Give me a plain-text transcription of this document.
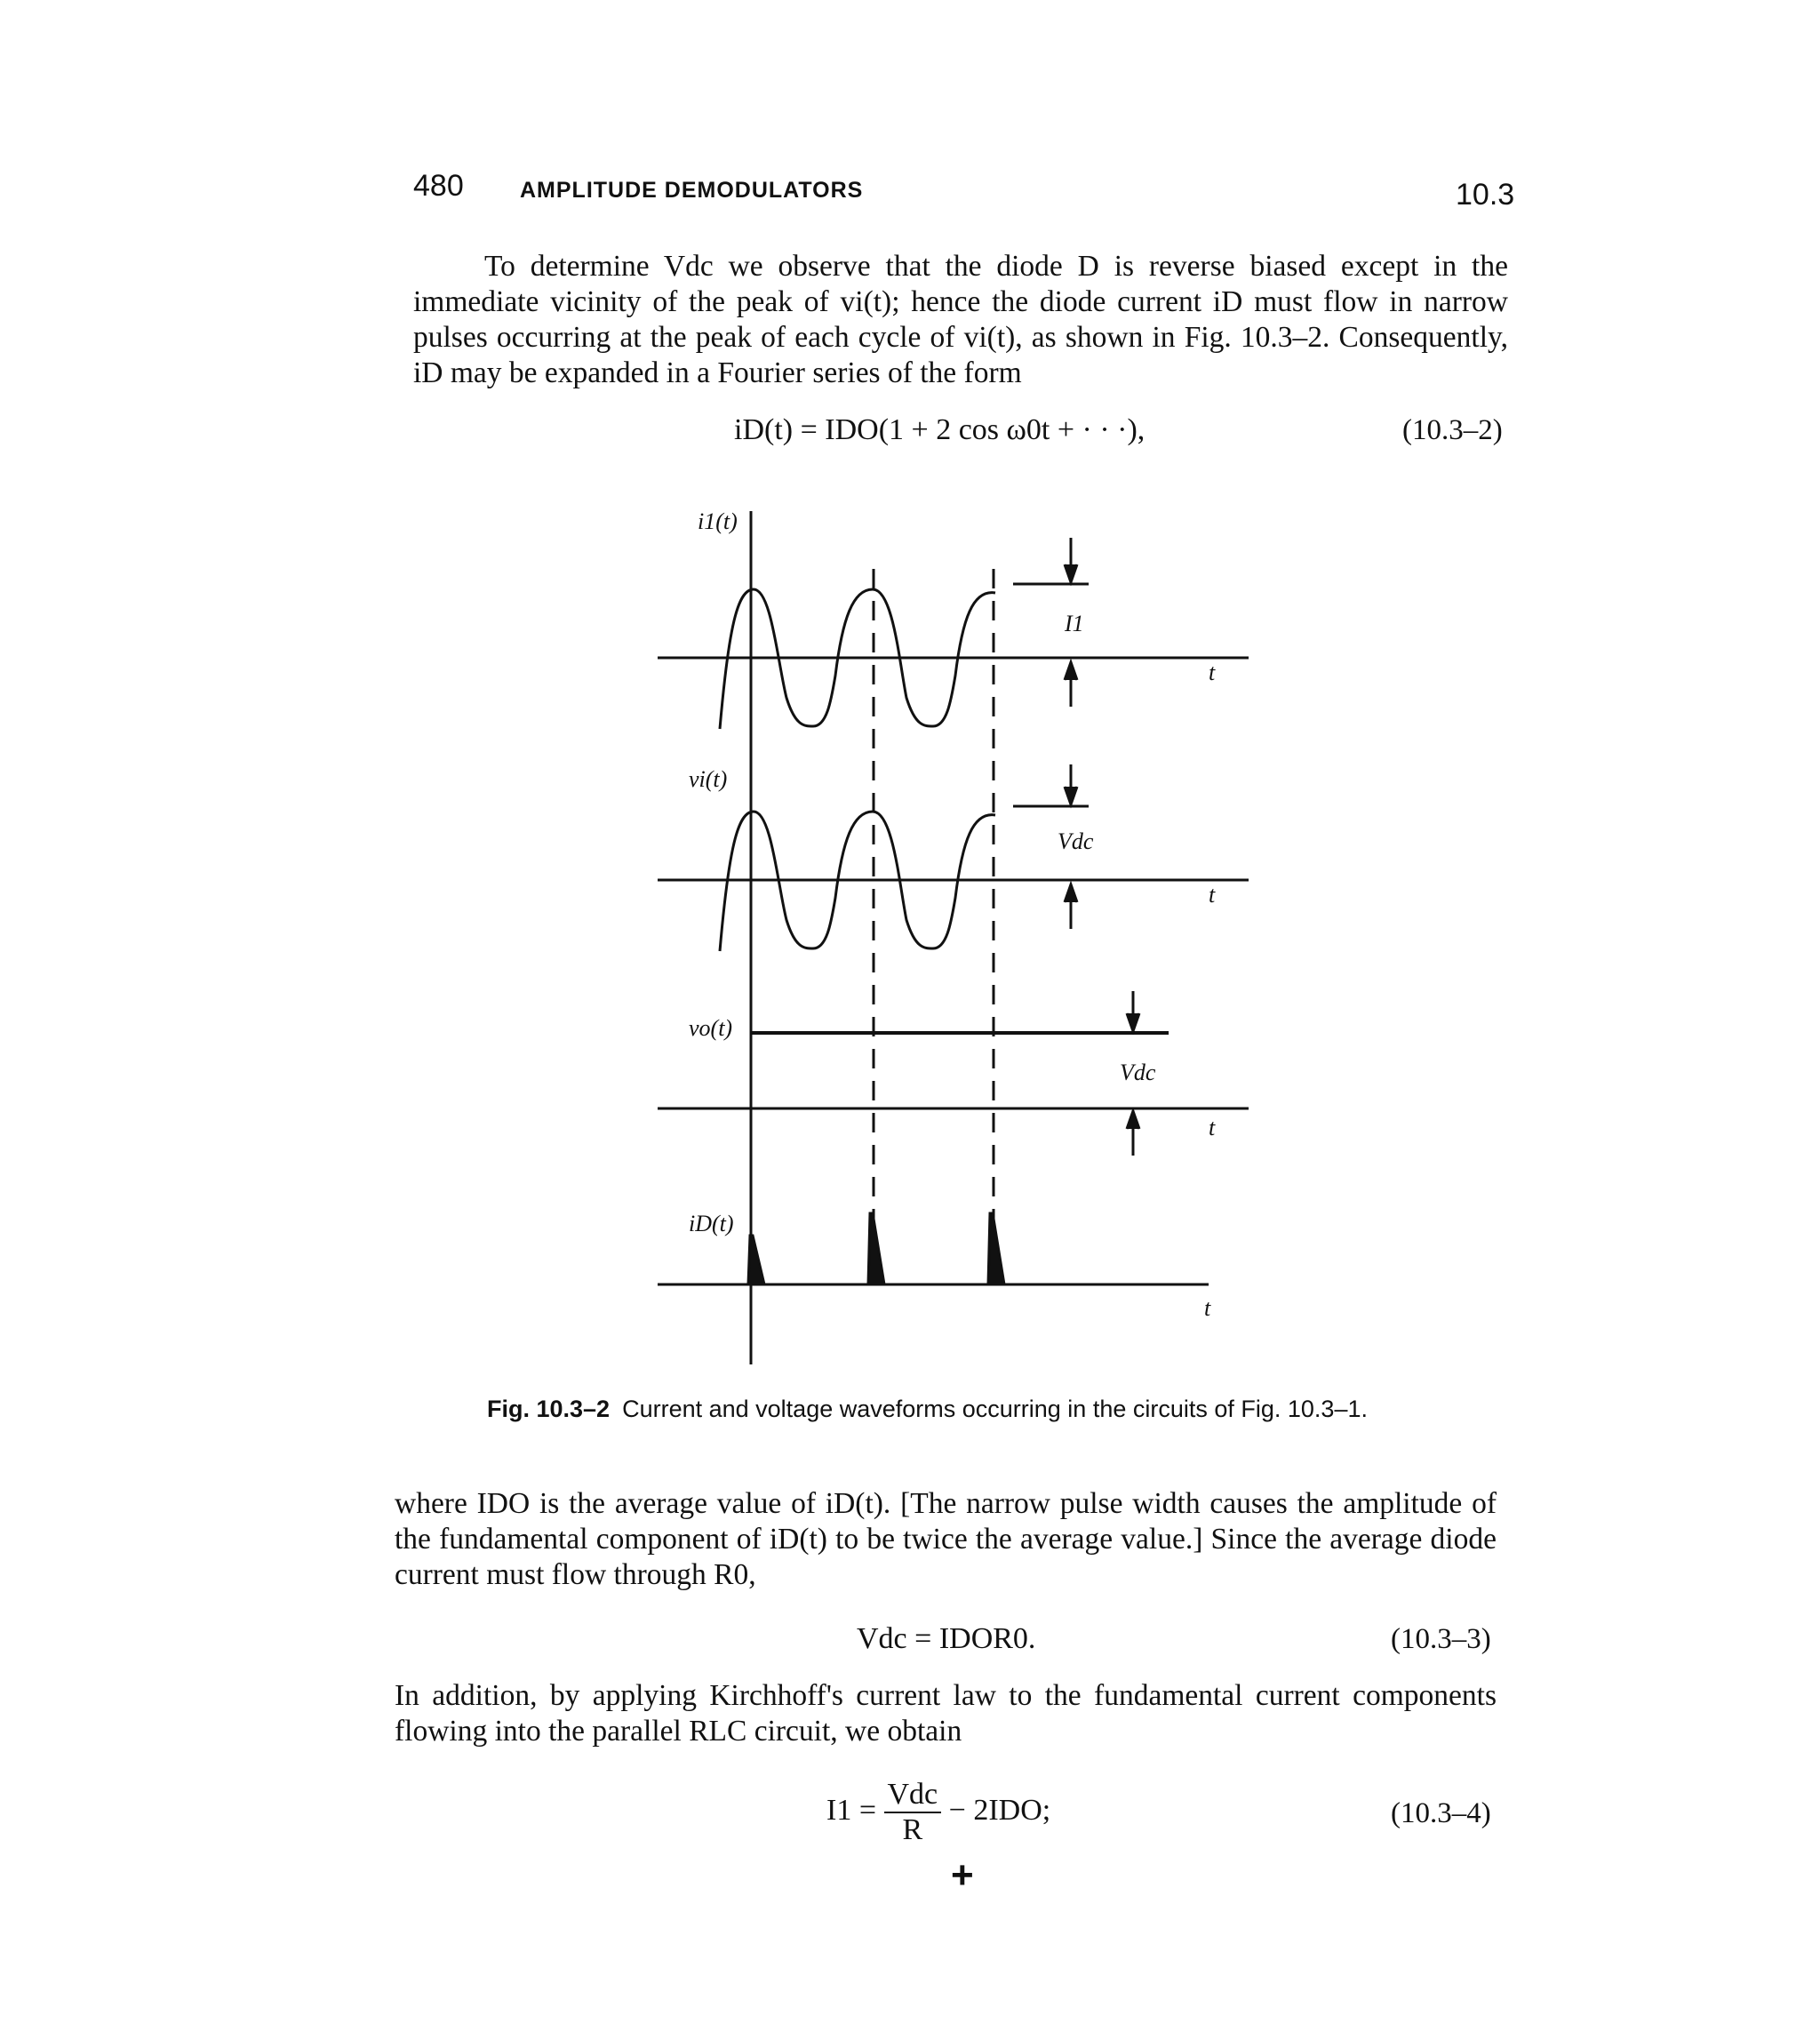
480	AMPLITUDE DEMODULATORS	10.3
To determine Vdc we observe that the diode D is reverse biased except in the immediate vicinity of the peak of vi(t); hence the diode current iD must flow in narrow pulses occurring at the peak of each cycle of vi(t), as shown in Fig. 10.3–2. Consequently, iD may be expanded in a Fourier series of the form
iD(t) = IDO(1 + 2 cos ω0t + · · ·),	(10.3–2)
i1(t)
t
I1
vi(t)
t
Vdc
vo(t)
t
Vdc
iD(t)
t
Fig. 10.3–2 Current and voltage waveforms occurring in the circuits of Fig. 10.3–1.
where IDO is the average value of iD(t). [The narrow pulse width causes the amplitude of the fundamental component of iD(t) to be twice the average value.] Since the average diode current must flow through R0,
Vdc = IDOR0.	(10.3–3)
In addition, by applying Kirchhoff's current law to the fundamental current components flowing into the parallel RLC circuit, we obtain
$I1 = \frac{\text{Vdc}}{R} - 2IDO$;	(10.3–4)
+
